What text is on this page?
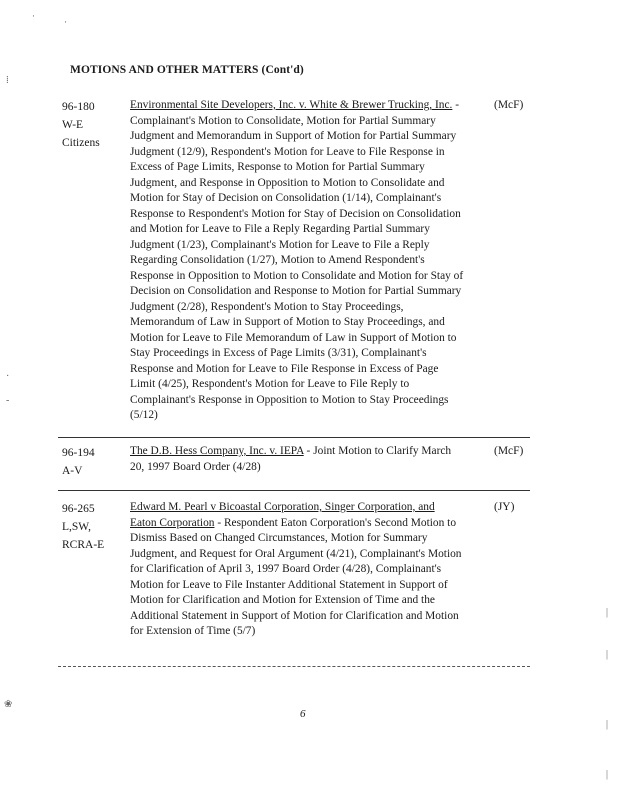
MOTIONS AND OTHER MATTERS (Cont'd)
96-180
W-E
Citizens
Environmental Site Developers, Inc. v. White & Brewer Trucking, Inc. - Complainant's Motion to Consolidate, Motion for Partial Summary Judgment and Memorandum in Support of Motion for Partial Summary Judgment (12/9), Respondent's Motion for Leave to File Response in Excess of Page Limits, Response to Motion for Partial Summary Judgment, and Response in Opposition to Motion to Consolidate and Motion for Stay of Decision on Consolidation (1/14), Complainant's Response to Respondent's Motion for Stay of Decision on Consolidation and Motion for Leave to File a Reply Regarding Partial Summary Judgment (1/23), Complainant's Motion for Leave to File a Reply Regarding Consolidation (1/27), Motion to Amend Respondent's Response in Opposition to Motion to Consolidate and Motion for Stay of Decision on Consolidation and Response to Motion for Partial Summary Judgment (2/28), Respondent's Motion to Stay Proceedings, Memorandum of Law in Support of Motion to Stay Proceedings, and Motion for Leave to File Memorandum of Law in Support of Motion to Stay Proceedings in Excess of Page Limits (3/31), Complainant's Response and Motion for Leave to File Response in Excess of Page Limit (4/25), Respondent's Motion for Leave to File Reply to Complainant's Response in Opposition to Motion to Stay Proceedings (5/12)
(McF)
96-194
A-V
The D.B. Hess Company, Inc. v. IEPA - Joint Motion to Clarify March 20, 1997 Board Order (4/28)
(McF)
96-265
L,SW,
RCRA-E
Edward M. Pearl v Bicoastal Corporation, Singer Corporation, and Eaton Corporation - Respondent Eaton Corporation's Second Motion to Dismiss Based on Changed Circumstances, Motion for Summary Judgment, and Request for Oral Argument (4/21), Complainant's Motion for Clarification of April 3, 1997 Board Order (4/28), Complainant's Motion for Leave to File Instanter Additional Statement in Support of Motion for Clarification and Motion for Extension of Time and the Additional Statement in Support of Motion for Clarification and Motion for Extension of Time (5/7)
(JY)
6
·
·
⁞
·
-
❀
|
|
|
|
